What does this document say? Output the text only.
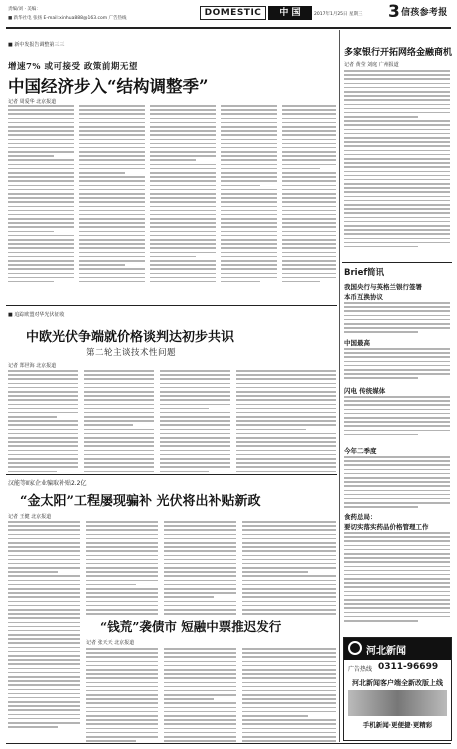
DOMESTIC	中 国	2017年1月25日 星期三	3 信孩参考报
责编/刘 · 美编：
■ 新华社电 张扬 E-mail:xinhua888@163.com 广告热线
■ 新中发报告调整第三三
增速7% 或可接受 政策前期无望
中国经济步入“结构调整季”
记者 周爱华 北京报道
■ 追踪欧盟对华光伏征收
中欧光伏争端就价格谈判达初步共识
第二轮主谈技术性问题
记者 郑世海 北京报道
汉能等Ⅱ家企业骗取补贴2.2亿
“金太阳”工程屡现骗补 光伏将出补贴新政
记者 王健 北京报道
“钱荒”袭债市 短融中票推迟发行
记者 张天天 北京报道
多家银行开拓网络金融商机
记者 黄莹 刘庭 广州报道
Brief简讯
我国央行与英格兰银行签署
本币互换协议
中国最高
闪电 传统媒体
今年二季度
食药总局：
要切实落实药品价格管理工作
河北新闻
广告热线 0311-96699
河北新闻客户端全新改版上线
手机新闻·更便捷·更精彩
